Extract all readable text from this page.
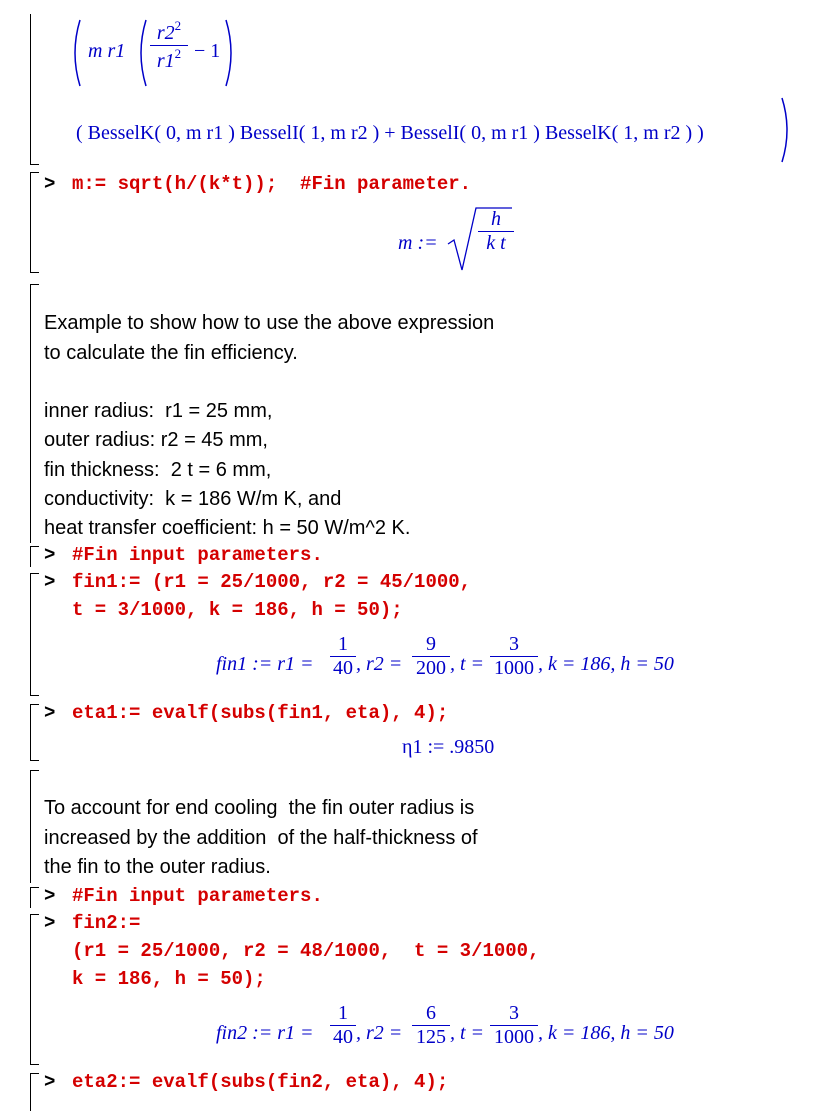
m $r1 \frac{r2^2}{r1^2} - 1$
( BesselK( 0, m r1 ) BesselI( 1, m r2 ) + BesselI( 0, m r1 ) BesselK( 1, m r2 ) )
> m:= sqrt(h/(k*t));  #Fin parameter.
m := $\frac{h}{\text{k t}}$

Example to show how to use the above expression
to calculate the fin efficiency.

inner radius:  r1 = 25 mm,
outer radius: r2 = 45 mm,
fin thickness:  2 t = 6 mm,
conductivity:  k = 186 W/m K, and
heat transfer coefficient: h = 50 W/m^2 K.

> #Fin input parameters.
> fin1:= (r1 = 25/1000, r2 = 45/1000,
t = 3/1000, k = 186, h = 50);
fin1 := $r1 = \frac{1}{40}$ , $r2 = \frac{9}{200}$ , $t = \frac{3}{1000}$ , k = 186, h = 50
> eta1:= evalf(subs(fin1, eta), 4);
η1 := .9850

To account for end cooling  the fin outer radius is
increased by the addition  of the half-thickness of
the fin to the outer radius.

> #Fin input parameters.
> fin2:=
(r1 = 25/1000, r2 = 48/1000,  t = 3/1000,
k = 186, h = 50);
fin2 := $r1 = \frac{1}{40}$ , $r2 = \frac{6}{125}$ , $t = \frac{3}{1000}$ , k = 186, h = 50
> eta2:= evalf(subs(fin2, eta), 4);
